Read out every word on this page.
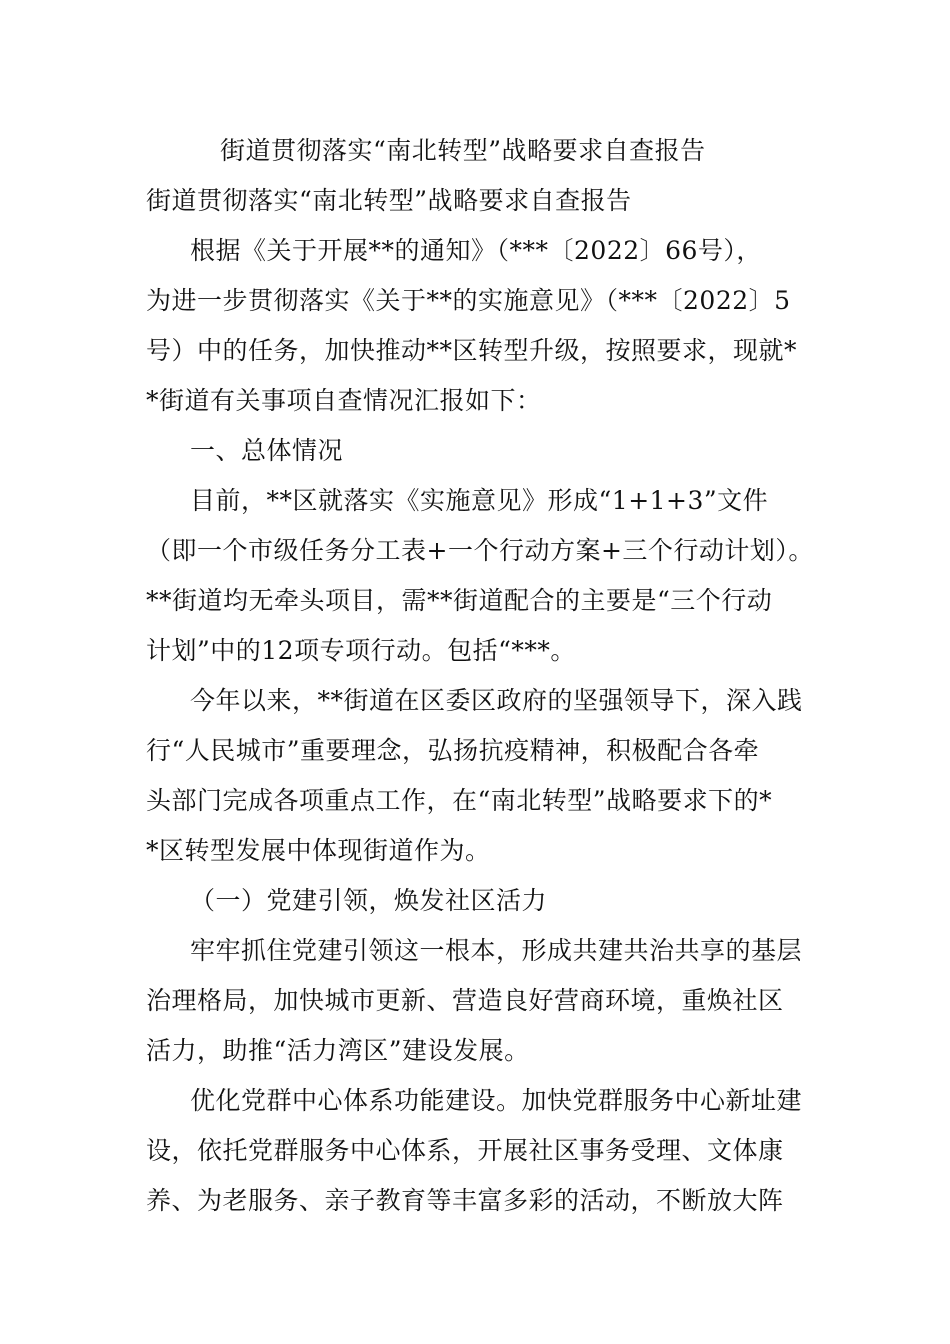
街道贯彻落实“南北转型”战略要求自查报告
街道贯彻落实“南北转型”战略要求自查报告
根据《关于开展**的通知》（***〔2022〕66号），
为进一步贯彻落实《关于**的实施意见》（***〔2022〕5
号）中的任务，加快推动**区转型升级，按照要求，现就*
*街道有关事项自查情况汇报如下：
一、总体情况
目前，**区就落实《实施意见》形成“1+1+3”文件
（即一个市级任务分工表+一个行动方案+三个行动计划）。
**街道均无牵头项目，需**街道配合的主要是“三个行动
计划”中的12项专项行动。包括“***。
今年以来，**街道在区委区政府的坚强领导下，深入践
行“人民城市”重要理念，弘扬抗疫精神，积极配合各牵
头部门完成各项重点工作，在“南北转型”战略要求下的*
*区转型发展中体现街道作为。
（一）党建引领，焕发社区活力
牢牢抓住党建引领这一根本，形成共建共治共享的基层
治理格局，加快城市更新、营造良好营商环境，重焕社区
活力，助推“活力湾区”建设发展。
优化党群中心体系功能建设。加快党群服务中心新址建
设，依托党群服务中心体系，开展社区事务受理、文体康
养、为老服务、亲子教育等丰富多彩的活动，不断放大阵
